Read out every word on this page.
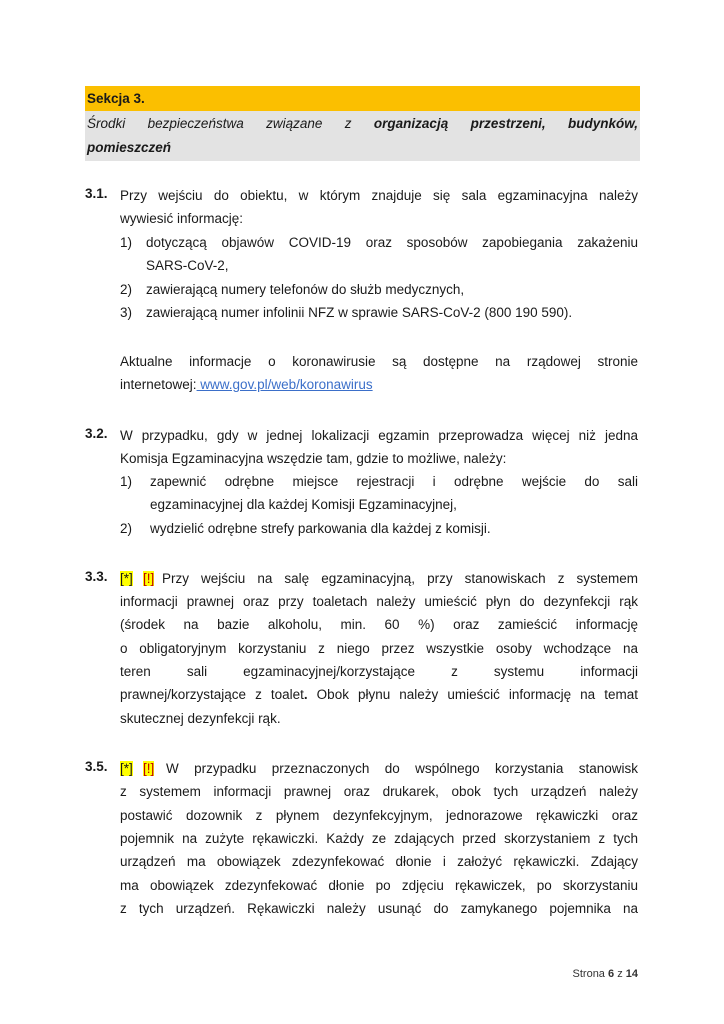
Sekcja 3.
Środki bezpieczeństwa związane z organizacją przestrzeni, budynków,
pomieszczeń
3.1. Przy wejściu do obiektu, w którym znajduje się sala egzaminacyjna należy
wywiesić informację:
1) dotyczącą objawów COVID-19 oraz sposobów zapobiegania zakażeniu
SARS-CoV-2,
2) zawierającą numery telefonów do służb medycznych,
3) zawierającą numer infolinii NFZ w sprawie SARS-CoV-2 (800 190 590).
Aktualne informacje o koronawirusie są dostępne na rządowej stronie
internetowej: www.gov.pl/web/koronawirus
3.2. W przypadku, gdy w jednej lokalizacji egzamin przeprowadza więcej niż jedna
Komisja Egzaminacyjna wszędzie tam, gdzie to możliwe, należy:
1) zapewnić odrębne miejsce rejestracji i odrębne wejście do sali
egzaminacyjnej dla każdej Komisji Egzaminacyjnej,
2) wydzielić odrębne strefy parkowania dla każdej z komisji.
3.3. [*] [!] Przy wejściu na salę egzaminacyjną, przy stanowiskach z systemem
informacji prawnej oraz przy toaletach należy umieścić płyn do dezynfekcji rąk
(środek na bazie alkoholu, min. 60 %) oraz zamieścić informację
o obligatoryjnym korzystaniu z niego przez wszystkie osoby wchodzące na
teren sali egzaminacyjnej/korzystające z systemu informacji
prawnej/korzystające z toalet. Obok płynu należy umieścić informację na temat
skutecznej dezynfekcji rąk.
3.5. [*] [!] W przypadku przeznaczonych do wspólnego korzystania stanowisk
z systemem informacji prawnej oraz drukarek, obok tych urządzeń należy
postawić dozownik z płynem dezynfekcyjnym, jednorazowe rękawiczki oraz
pojemnik na zużyte rękawiczki. Każdy ze zdających przed skorzystaniem z tych
urządzeń ma obowiązek zdezynfekować dłonie i założyć rękawiczki. Zdający
ma obowiązek zdezynfekować dłonie po zdjęciu rękawiczek, po skorzystaniu
z tych urządzeń. Rękawiczki należy usunąć do zamykanego pojemnika na
Strona 6 z 14
